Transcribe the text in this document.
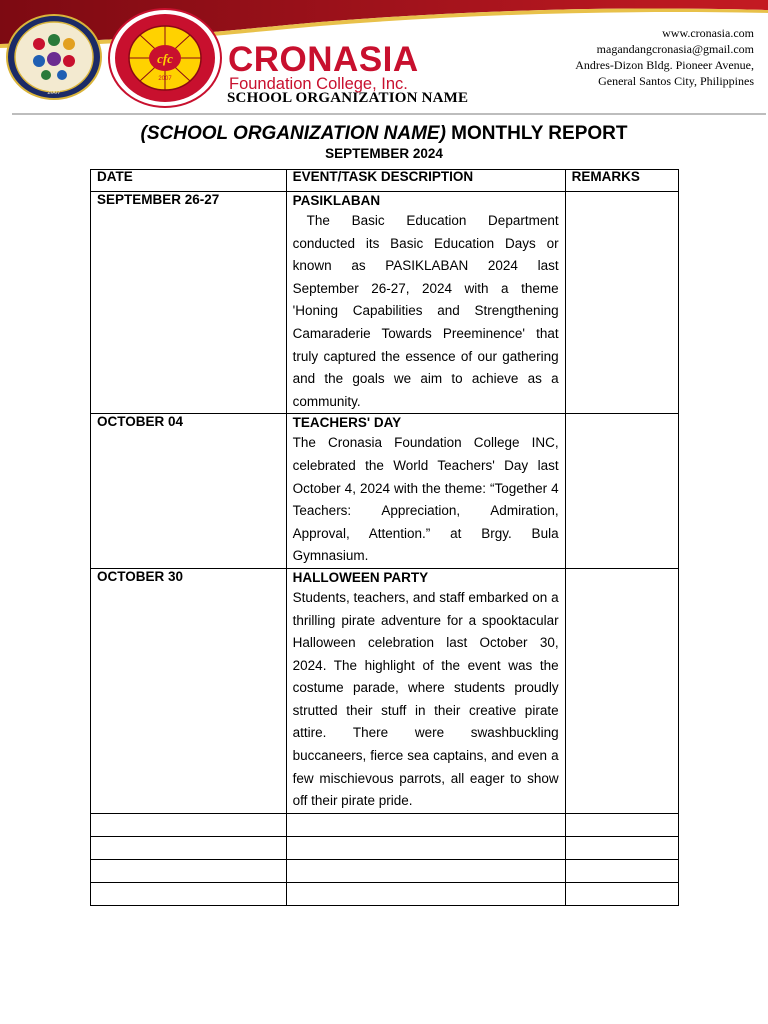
2007
cfc
2007 CRONASIA
Foundation College, Inc.
SCHOOL ORGANIZATION NAME
www.cronasia.com
magandangcronasia@gmail.com
Andres-Dizon Bldg. Pioneer Avenue,
General Santos City, Philippines
(SCHOOL ORGANIZATION NAME) MONTHLY REPORT
SEPTEMBER 2024
DATE	EVENT/TASK DESCRIPTION	REMARKS
SEPTEMBER 26-27	PASIKLABAN

The Basic Education Department conducted its Basic Education Days or known as PASIKLABAN 2024 last September 26-27, 2024 with a theme 'Honing Capabilities and Strengthening Camaraderie Towards Preeminence' that truly captured the essence of our gathering and the goals we aim to achieve as a community.	

OCTOBER 04	TEACHERS' DAY

The Cronasia Foundation College INC, celebrated the World Teachers' Day last October 4, 2024 with the theme: “Together 4 Teachers: Appreciation, Admiration, Approval, Attention.” at Brgy. Bula Gymnasium.	

OCTOBER 30	HALLOWEEN PARTY

Students, teachers, and staff embarked on a thrilling pirate adventure for a spooktacular Halloween celebration last October 30, 2024. The highlight of the event was the costume parade, where students proudly strutted their stuff in their creative pirate attire. There were swashbuckling buccaneers, fierce sea captains, and even a few mischievous parrots, all eager to show off their pirate pride.	
